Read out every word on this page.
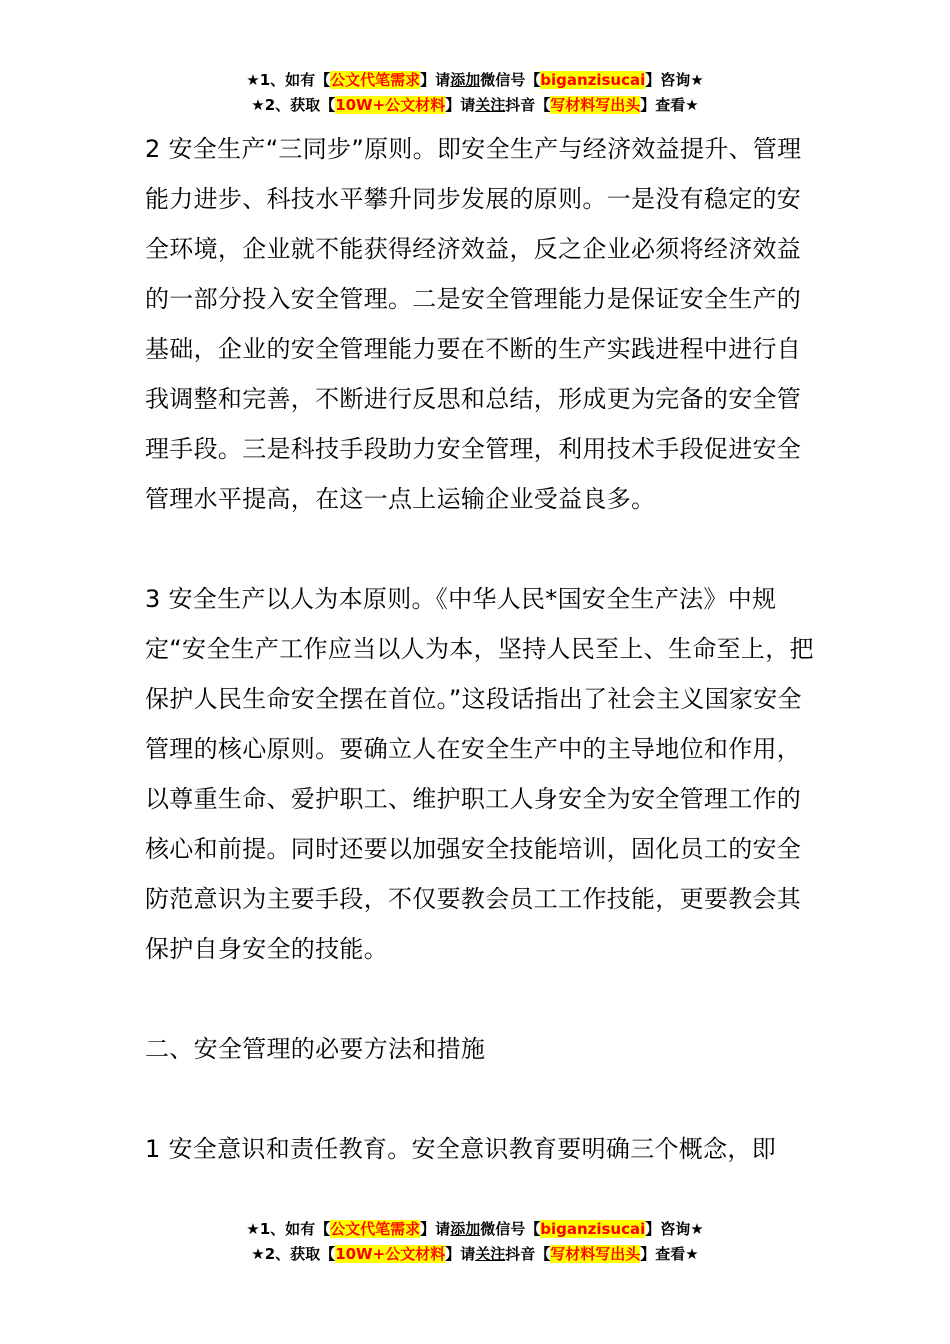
★1、如有【公文代笔需求】请添加微信号【biganzisucai】咨询★
★2、获取【10W+公文材料】请关注抖音【写材料写出头】查看★

2 安全生产“三同步”原则。即安全生产与经济效益提升、管理能力进步、科技水平攀升同步发展的原则。一是没有稳定的安全环境，企业就不能获得经济效益，反之企业必须将经济效益的一部分投入安全管理。二是安全管理能力是保证安全生产的基础，企业的安全管理能力要在不断的生产实践进程中进行自我调整和完善，不断进行反思和总结，形成更为完备的安全管理手段。三是科技手段助力安全管理，利用技术手段促进安全管理水平提高，在这一点上运输企业受益良多。

3 安全生产以人为本原则。《中华人民*国安全生产法》中规定“安全生产工作应当以人为本，坚持人民至上、生命至上，把保护人民生命安全摆在首位。”这段话指出了社会主义国家安全管理的核心原则。要确立人在安全生产中的主导地位和作用，以尊重生命、爱护职工、维护职工人身安全为安全管理工作的核心和前提。同时还要以加强安全技能培训，固化员工的安全防范意识为主要手段，不仅要教会员工工作技能，更要教会其保护自身安全的技能。

二、安全管理的必要方法和措施

1 安全意识和责任教育。安全意识教育要明确三个概念，即

★1、如有【公文代笔需求】请添加微信号【biganzisucai】咨询★
★2、获取【10W+公文材料】请关注抖音【写材料写出头】查看★
